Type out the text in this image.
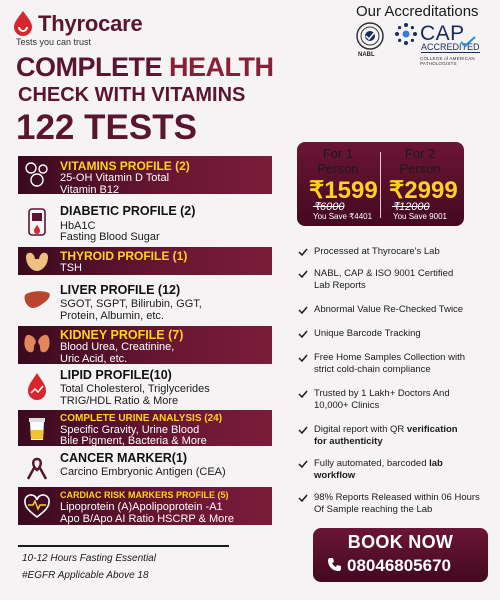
Thyrocare
Tests you can trust
Our Accreditations
NABL
CAP
ACCREDITED
COLLEGE of AMERICAN PATHOLOGISTS
COMPLETE HEALTH
CHECK WITH VITAMINS
122 TESTS
VITAMINS PROFILE (2)
25-OH Vitamin D Total
Vitamin B12
DIABETIC PROFILE (2)
HbA1C
Fasting Blood Sugar
THYROID PROFILE (1)
TSH
LIVER PROFILE (12)
SGOT, SGPT, Bilirubin, GGT,
Protein, Albumin, etc.
KIDNEY PROFILE (7)
Blood Urea, Creatinine,
Uric Acid, etc.
LIPID PROFILE(10)
Total Cholesterol, Triglycerides
TRIG/HDL Ratio & More
COMPLETE URINE ANALYSIS (24)
Specific Gravity, Urine Blood
Bile Pigment, Bacteria & More
CANCER MARKER(1)
Carcino Embryonic Antigen (CEA)
CARDIAC RISK MARKERS PROFILE (5)
Lipoprotein (A)Apolipoprotein -A1
Apo B/Apo AI Ratio HSCRP & More
For 1
Person
₹1599
₹6000
You Save ₹4401
For 2
Person
₹2999
₹12000
You Save 9001
Processed at Thyrocare's Lab
NABL, CAP & ISO 9001 Certified Lab Reports
Abnormal Value Re-Checked Twice
Unique Barcode Tracking
Free Home Samples Collection with strict cold-chain compliance
Trusted by 1 Lakh+ Doctors And 10,000+ Clinics
Digital report with QR verification for authenticity
Fully automated, barcoded lab workflow
98% Reports Released within 06 Hours Of Sample reaching the Lab
10-12 Hours Fasting Essential
#EGFR Applicable Above 18
BOOK NOW
08046805670
